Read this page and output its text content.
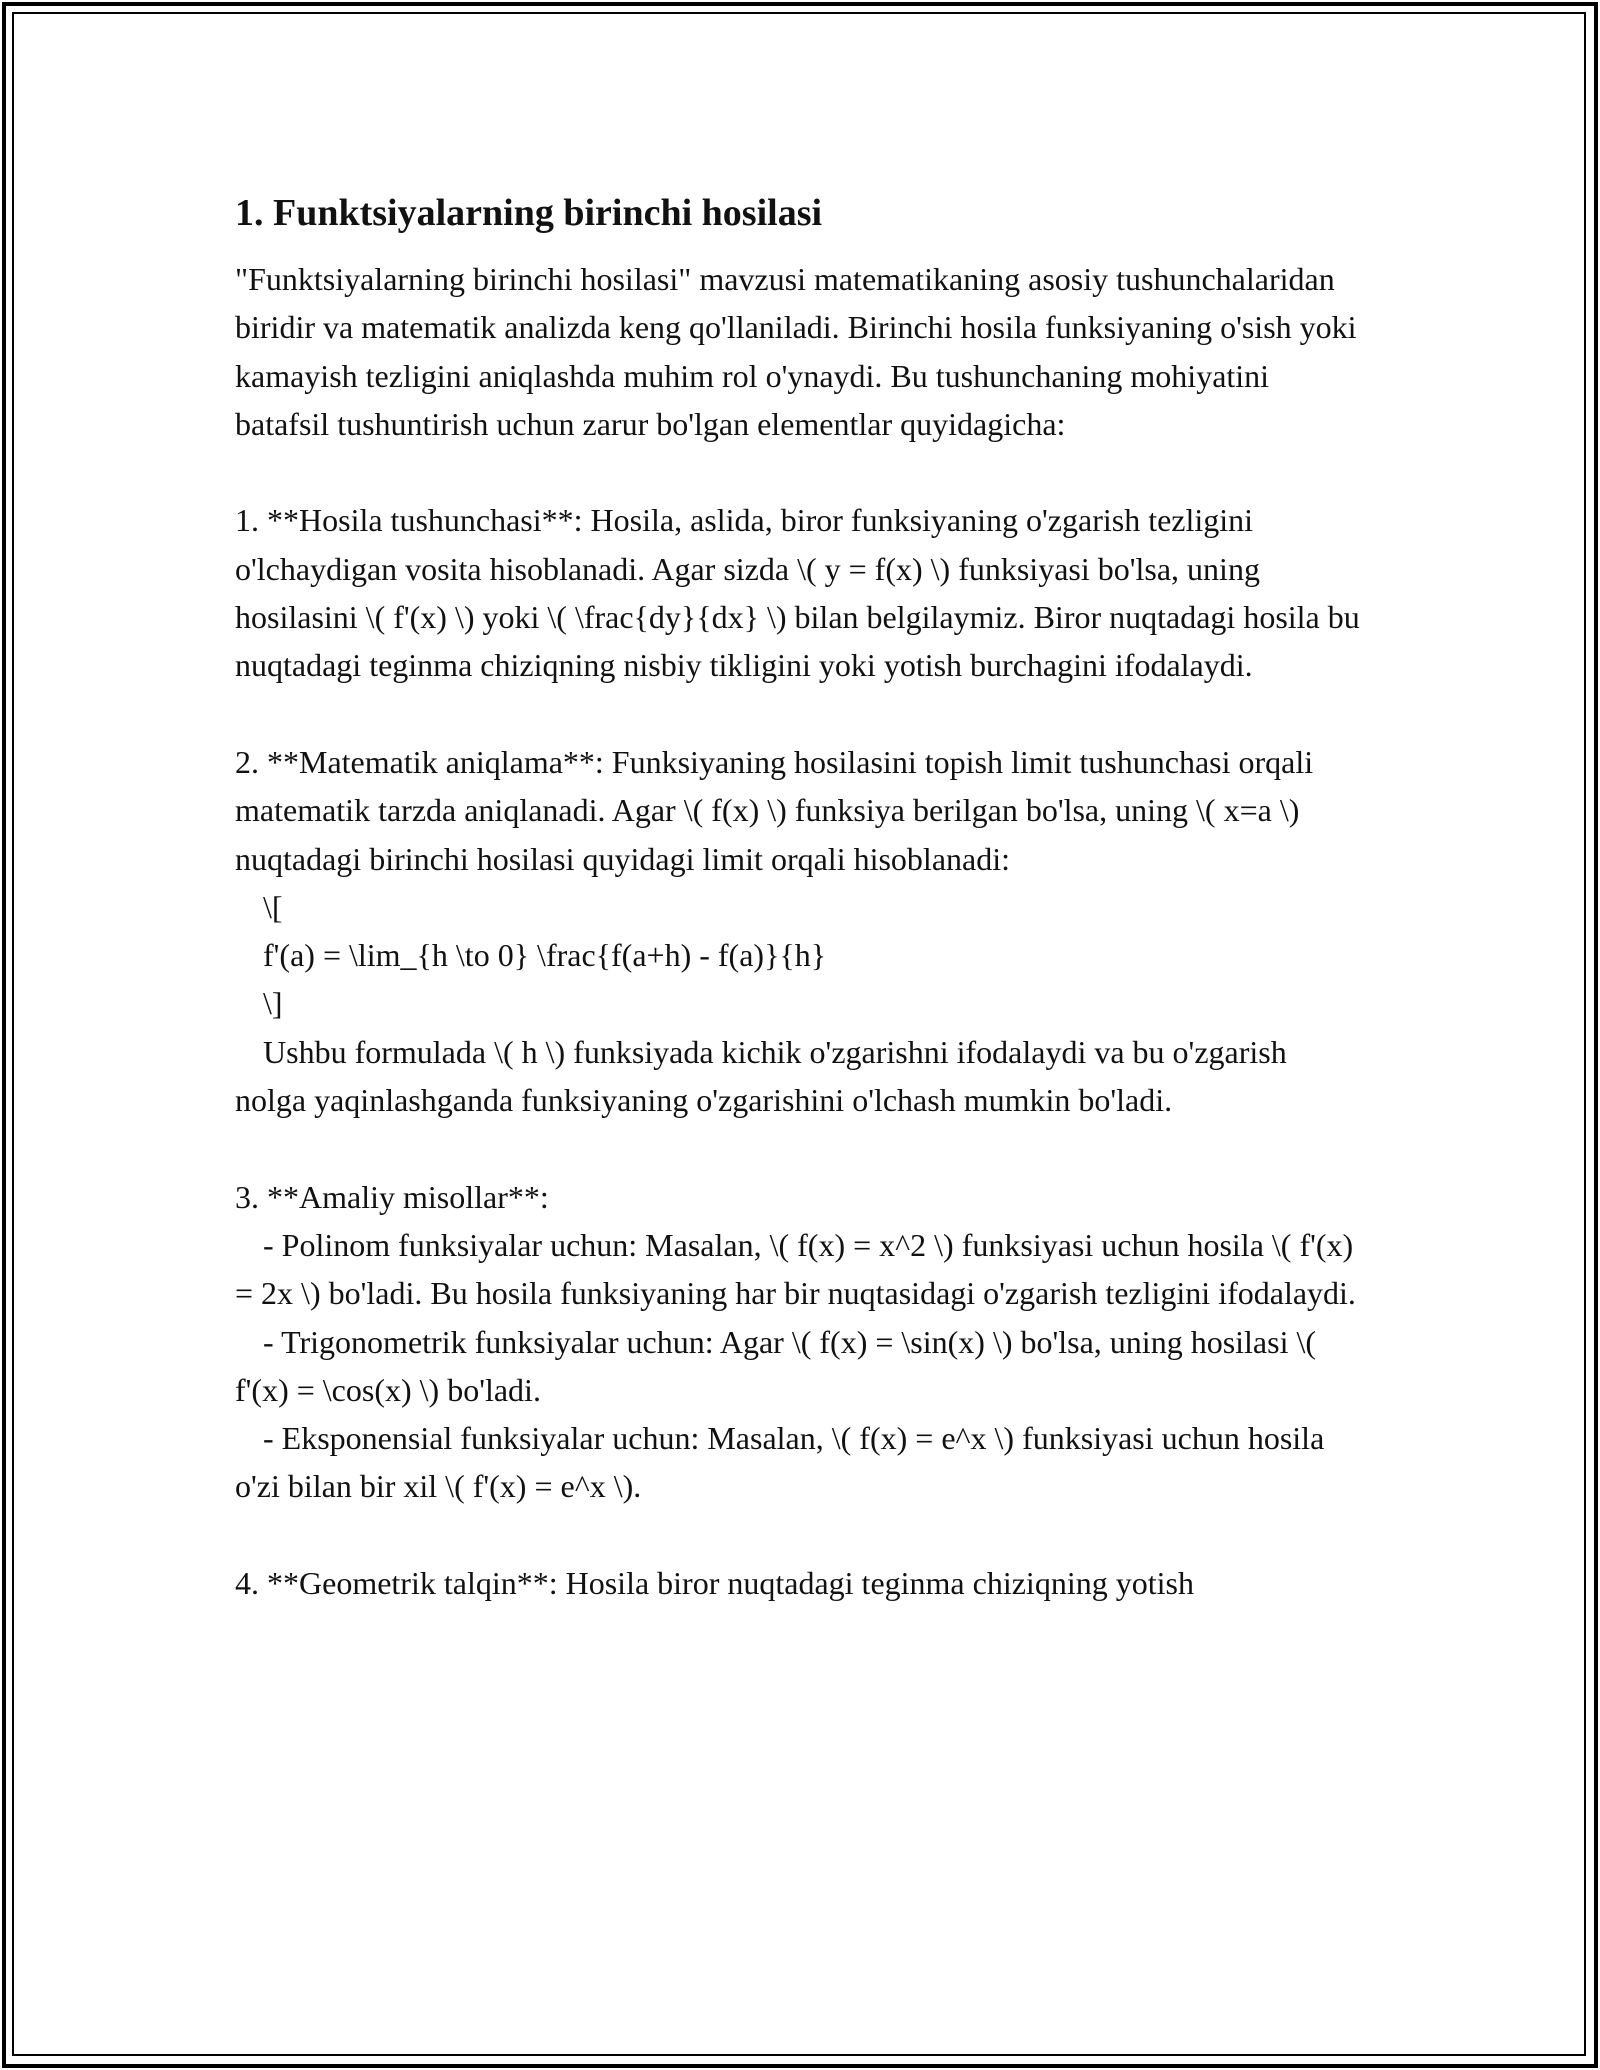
1. Funktsiyalarning birinchi hosilasi

"Funktsiyalarning birinchi hosilasi" mavzusi matematikaning asosiy tushunchalaridan biridir va matematik analizda keng qo'llaniladi. Birinchi hosila funksiyaning o'sish yoki kamayish tezligini aniqlashda muhim rol o'ynaydi. Bu tushunchaning mohiyatini batafsil tushuntirish uchun zarur bo'lgan elementlar quyidagicha:

1. **Hosila tushunchasi**: Hosila, aslida, biror funksiyaning o'zgarish tezligini o'lchaydigan vosita hisoblanadi. Agar sizda \( y = f(x) \) funksiyasi bo'lsa, uning hosilasini \( f'(x) \) yoki \( \frac{dy}{dx} \) bilan belgilaymiz. Biror nuqtadagi hosila bu nuqtadagi teginma chiziqning nisbiy tikligini yoki yotish burchagini ifodalaydi.

2. **Matematik aniqlama**: Funksiyaning hosilasini topish limit tushunchasi orqali matematik tarzda aniqlanadi. Agar \( f(x) \) funksiya berilgan bo'lsa, uning \( x=a \) nuqtadagi birinchi hosilasi quyidagi limit orqali hisoblanadi:

\[

f'(a) = \lim_{h \to 0} \frac{f(a+h) - f(a)}{h}

\]

Ushbu formulada \( h \) funksiyada kichik o'zgarishni ifodalaydi va bu o'zgarish nolga yaqinlashganda funksiyaning o'zgarishini o'lchash mumkin bo'ladi.

3. **Amaliy misollar**:

- Polinom funksiyalar uchun: Masalan, \( f(x) = x^2 \) funksiyasi uchun hosila \( f'(x) = 2x \) bo'ladi. Bu hosila funksiyaning har bir nuqtasidagi o'zgarish tezligini ifodalaydi.

- Trigonometrik funksiyalar uchun: Agar \( f(x) = \sin(x) \) bo'lsa, uning hosilasi \( f'(x) = \cos(x) \) bo'ladi.

- Eksponensial funksiyalar uchun: Masalan, \( f(x) = e^x \) funksiyasi uchun hosila o'zi bilan bir xil \( f'(x) = e^x \).

4. **Geometrik talqin**: Hosila biror nuqtadagi teginma chiziqning yotish
